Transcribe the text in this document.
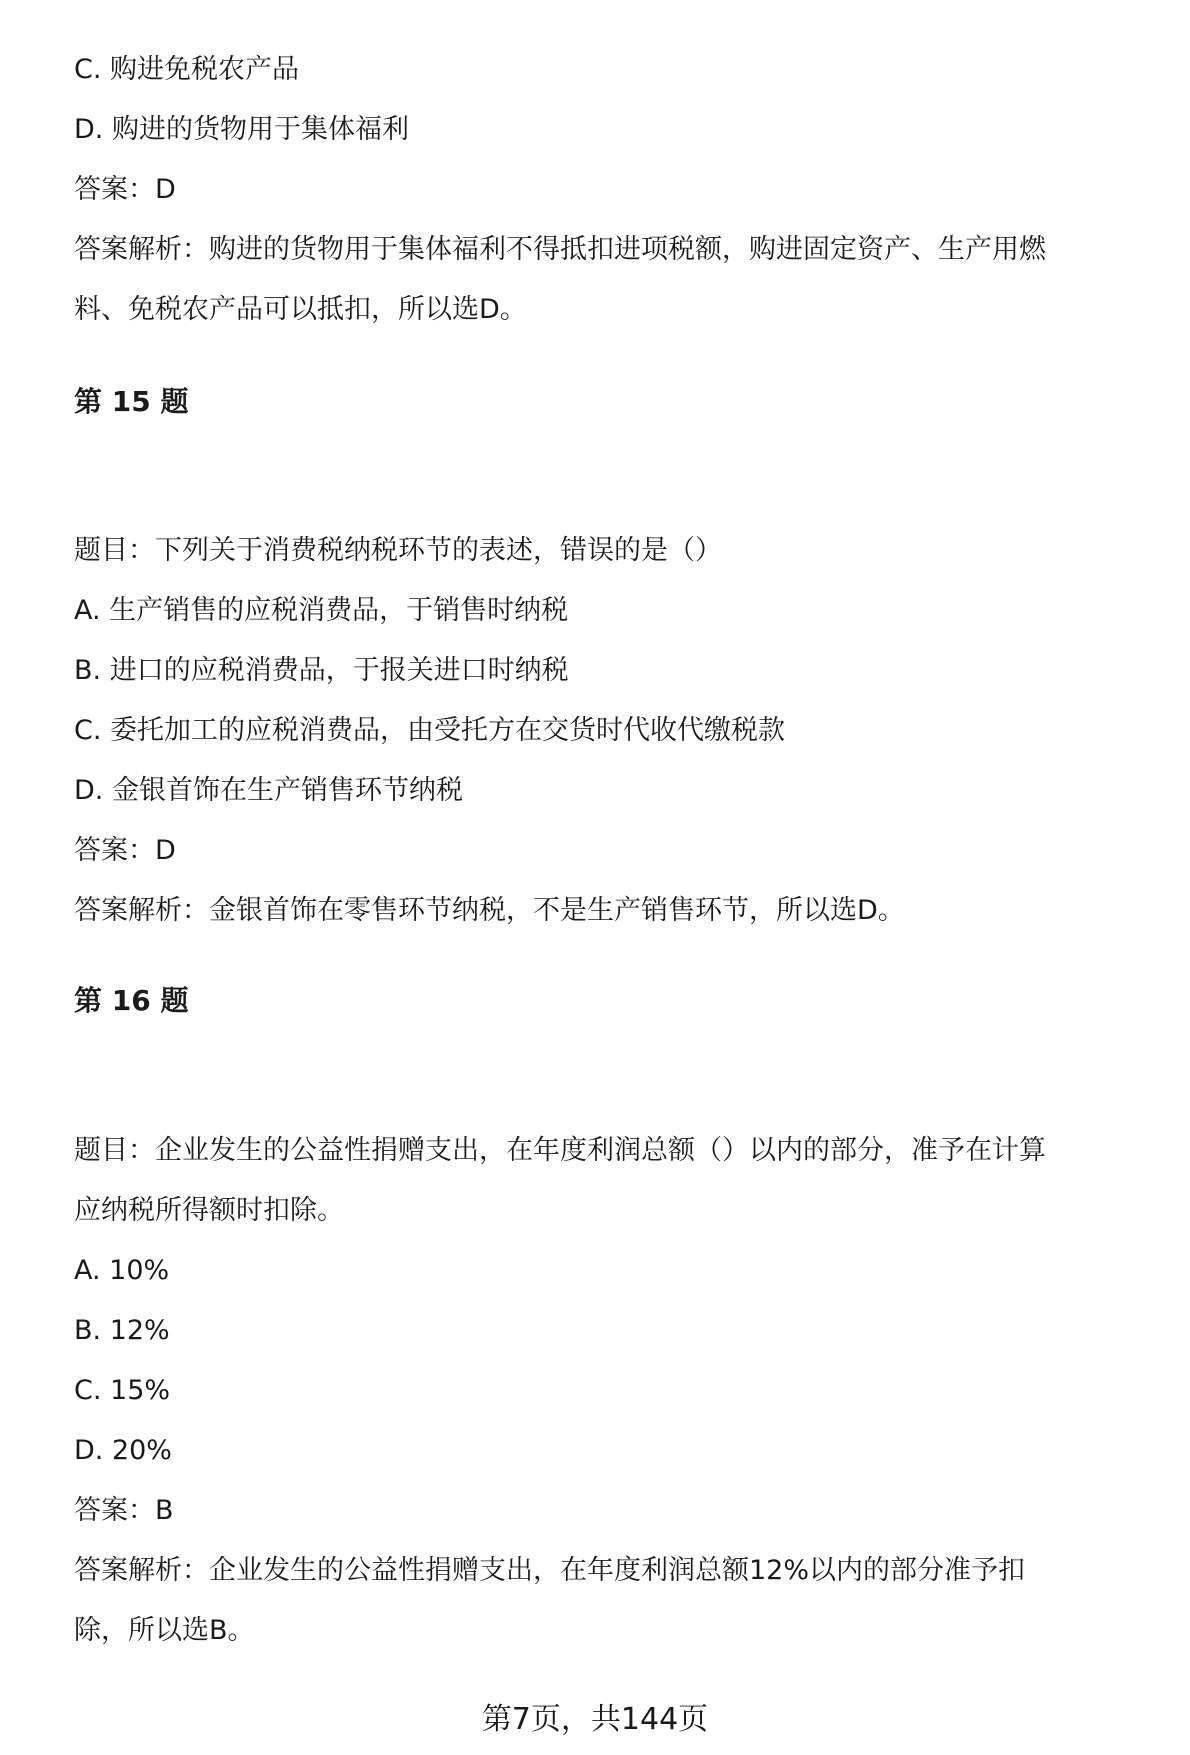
C. 购进免税农产品
D. 购进的货物用于集体福利
答案：D
答案解析：购进的货物用于集体福利不得抵扣进项税额，购进固定资产、生产用燃
料、免税农产品可以抵扣，所以选D。
第 15 题
题目：下列关于消费税纳税环节的表述，错误的是（）
A. 生产销售的应税消费品，于销售时纳税
B. 进口的应税消费品，于报关进口时纳税
C. 委托加工的应税消费品，由受托方在交货时代收代缴税款
D. 金银首饰在生产销售环节纳税
答案：D
答案解析：金银首饰在零售环节纳税，不是生产销售环节，所以选D。
第 16 题
题目：企业发生的公益性捐赠支出，在年度利润总额（）以内的部分，准予在计算
应纳税所得额时扣除。
A. 10%
B. 12%
C. 15%
D. 20%
答案：B
答案解析：企业发生的公益性捐赠支出，在年度利润总额12%以内的部分准予扣
除，所以选B。
第7页，共144页
